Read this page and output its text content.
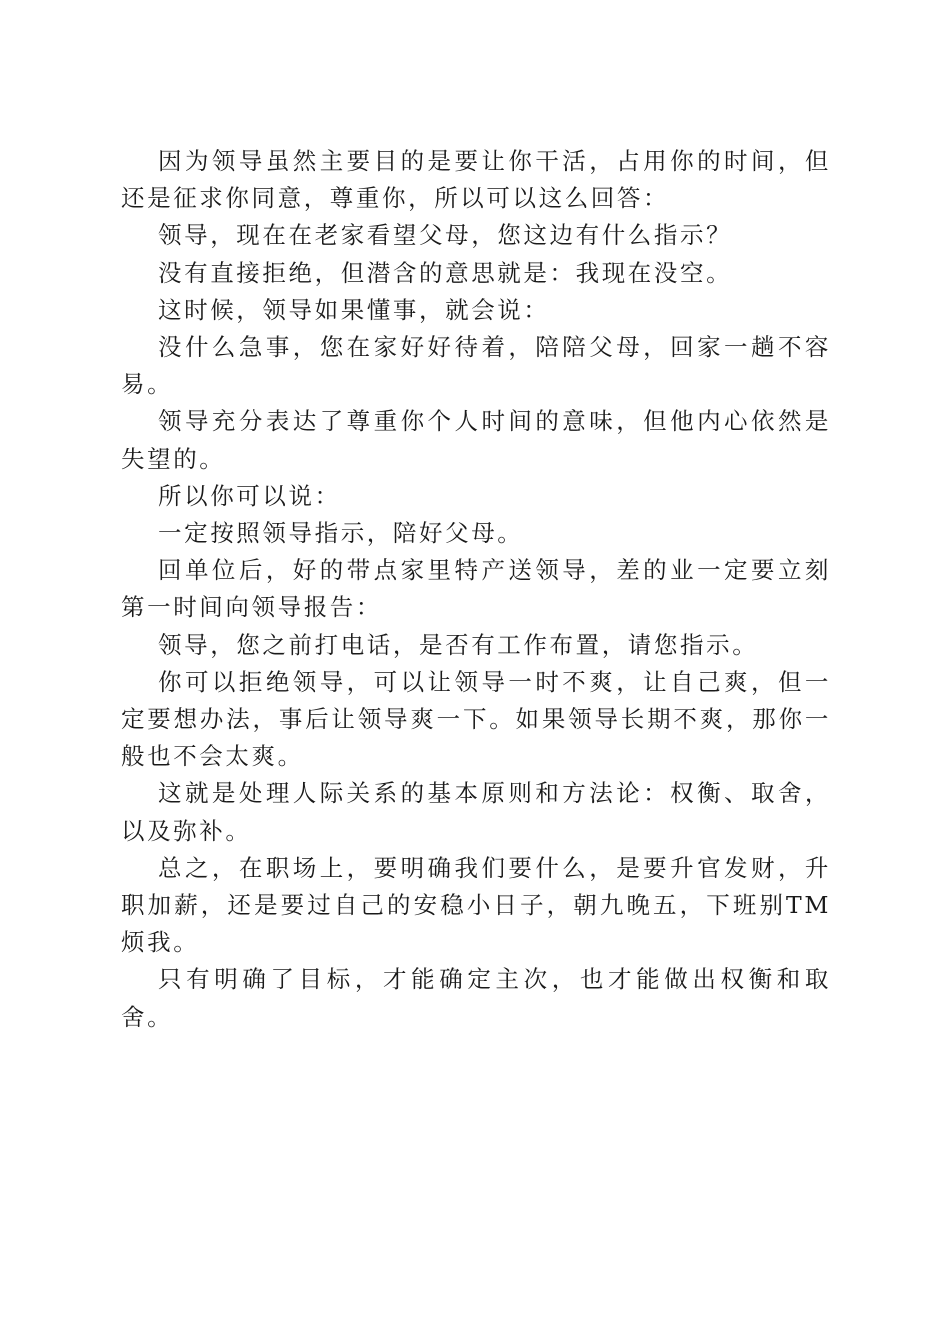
因为领导虽然主要目的是要让你干活，占用你的时间，但还是征求你同意，尊重你，所以可以这么回答：

领导，现在在老家看望父母，您这边有什么指示？

没有直接拒绝，但潜含的意思就是：我现在没空。

这时候，领导如果懂事，就会说：

没什么急事，您在家好好待着，陪陪父母，回家一趟不容易。

领导充分表达了尊重你个人时间的意味，但他内心依然是失望的。

所以你可以说：

一定按照领导指示，陪好父母。

回单位后，好的带点家里特产送领导，差的业一定要立刻第一时间向领导报告：

领导，您之前打电话，是否有工作布置，请您指示。

你可以拒绝领导，可以让领导一时不爽，让自己爽，但一定要想办法，事后让领导爽一下。如果领导长期不爽，那你一般也不会太爽。

这就是处理人际关系的基本原则和方法论：权衡、取舍，以及弥补。

总之，在职场上，要明确我们要什么，是要升官发财，升职加薪，还是要过自己的安稳小日子，朝九晚五，下班别TM烦我。

只有明确了目标，才能确定主次，也才能做出权衡和取舍。
